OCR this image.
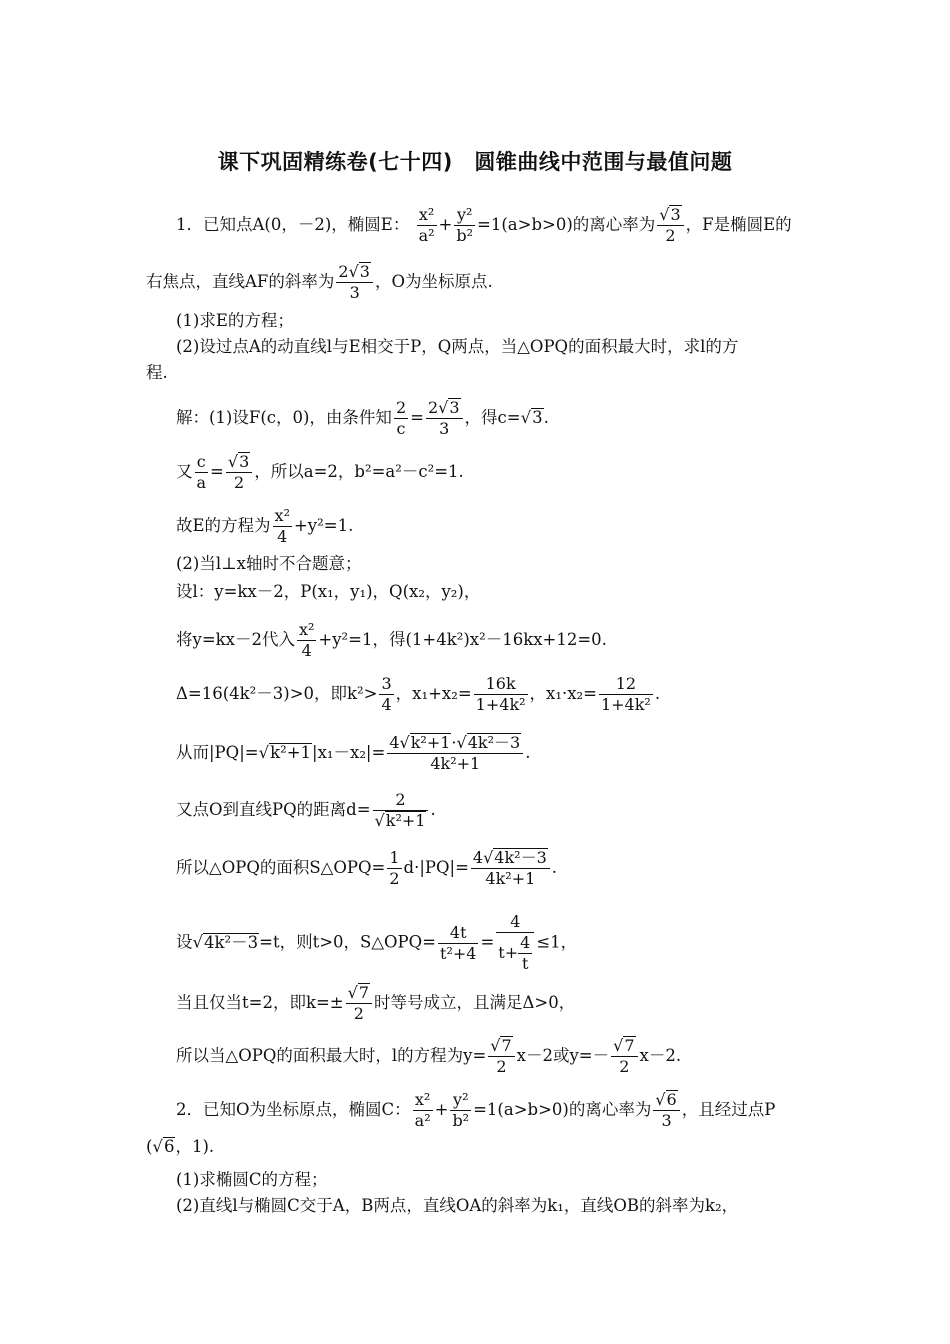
课下巩固精练卷(七十四)　圆锥曲线中范围与最值问题
1．已知点A(0，－2)，椭圆E： $\frac{\text{x²}}{\text{a²}} + \frac{\text{y²}}{\text{b²}} =1(a>b>0)$的离心率为 $\frac{√3}{2}$ ，F是椭圆E的
右焦点，直线AF的斜率为 $\frac{2√3}{3}$ ，O为坐标原点.
(1)求E的方程；
(2)设过点A的动直线l与E相交于P，Q两点，当△OPQ的面积最大时，求l的方
程.
解：(1)设F(c，0)，由条件知 $\frac{2}{c} = \frac{2√3}{3}$ ，得c=√3.
又 $\frac{c}{a} = \frac{√3}{2}$ ，所以a=2，b²=a²－c²=1.
故E的方程为 $\frac{\text{x²}}{4} +y^2=1$.
(2)当l⊥x轴时不合题意；
设l：y=kx－2，P(x₁，y₁)，Q(x₂，y₂)，
将y=kx－2代入 $\frac{\text{x²}}{4} +y^2=1$，得(1+4k²)x²－16kx+12=0.
Δ=16(4k²－3)>0，即$k^2> \frac{3}{4}$ ，$x_1+x_2= \frac{16k}{\text{1+4k²}}$ ，$x_1\cdot x_2= \frac{12}{\text{1+4k²}}$ .
从而$|PQ|=√k^2+1|x_1-x_2|= \frac{\text{4√k²+1·√4k²－3}}{\text{4k²+1}}$ .
又点O到直线PQ的距离$d= \frac{2}{\text{√k²+1}}$ .
所以△OPQ的面积S△OPQ= $\frac{1}{2} d\cdot|PQ|= \frac{\text{4√4k²－3}}{\text{4k²+1}}$ .
设√4k²－3=t，则t>0，S△OPQ= $\frac{4t}{\text{t²+4}} = \frac{4}{t+ \frac{4}{t}} \le 1$，
当且仅当t=2，即$k=\pm \frac{√7}{2}$ 时等号成立，且满足Δ>0，
所以当△OPQ的面积最大时，l的方程为$y= \frac{√7}{2} x-2$或$y=- \frac{√7}{2} x-2$.
2．已知O为坐标原点，椭圆C： $\frac{\text{x²}}{\text{a²}} + \frac{\text{y²}}{\text{b²}} =1(a>b>0)$的离心率为 $\frac{√6}{3}$ ，且经过点P
(√6，1).
(1)求椭圆C的方程；
(2)直线l与椭圆C交于A，B两点，直线OA的斜率为k₁，直线OB的斜率为k₂，
